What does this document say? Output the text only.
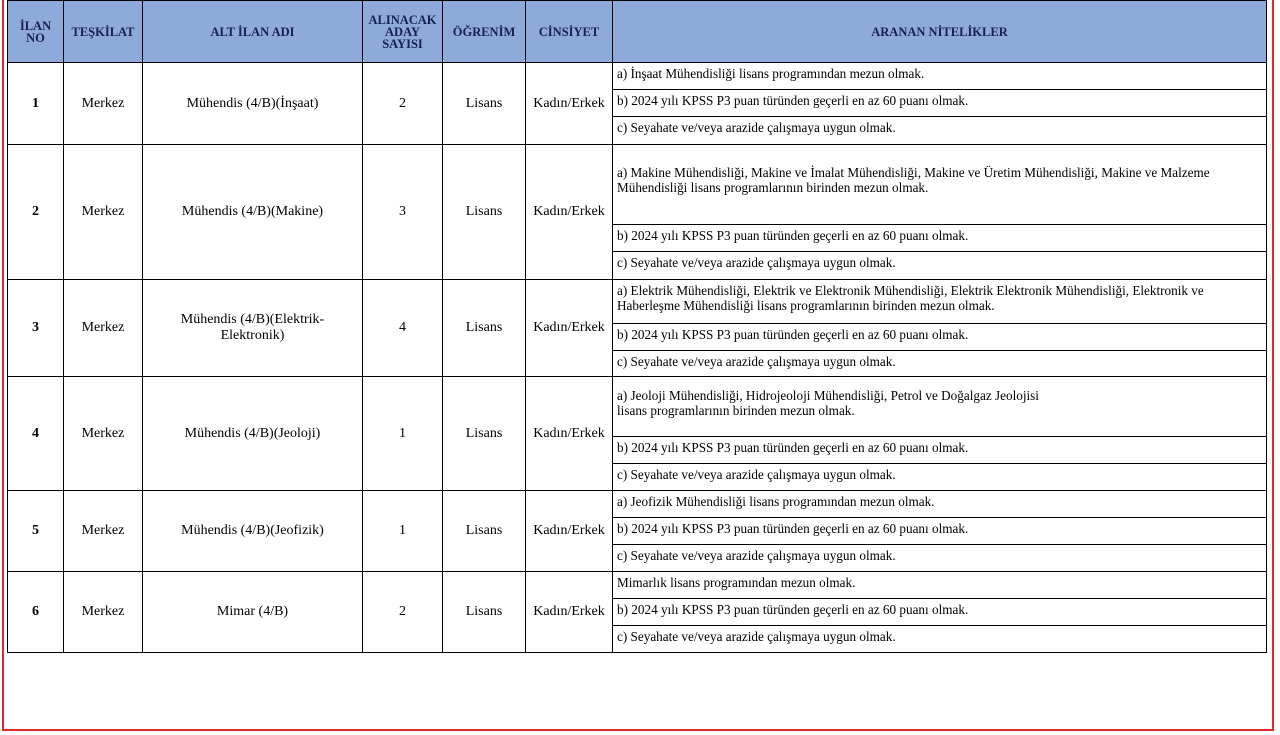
İLAN
NO	TEŞKİLAT	ALT İLAN ADI	ALINACAK
ADAY
SAYISI	ÖĞRENİM	CİNSİYET	ARANAN NİTELİKLER
1	Merkez	Mühendis (4/B)(İnşaat)	2	Lisans	Kadın/Erkek	a) İnşaat Mühendisliği lisans programından mezun olmak.
b) 2024 yılı KPSS P3 puan türünden geçerli en az 60 puanı olmak.
c) Seyahate ve/veya arazide çalışmaya uygun olmak.

2	Merkez	Mühendis (4/B)(Makine)	3	Lisans	Kadın/Erkek	a) Makine Mühendisliği, Makine ve İmalat Mühendisliği, Makine ve Üretim Mühendisliği, Makine ve Malzeme Mühendisliği lisans programlarının birinden mezun olmak.
b) 2024 yılı KPSS P3 puan türünden geçerli en az 60 puanı olmak.
c) Seyahate ve/veya arazide çalışmaya uygun olmak.

3	Merkez	Mühendis (4/B)(Elektrik-Elektronik)	4	Lisans	Kadın/Erkek	a) Elektrik Mühendisliği, Elektrik ve Elektronik Mühendisliği, Elektrik Elektronik Mühendisliği, Elektronik ve Haberleşme Mühendisliği lisans programlarının birinden mezun olmak.
b) 2024 yılı KPSS P3 puan türünden geçerli en az 60 puanı olmak.
c) Seyahate ve/veya arazide çalışmaya uygun olmak.

4	Merkez	Mühendis (4/B)(Jeoloji)	1	Lisans	Kadın/Erkek	a) Jeoloji Mühendisliği, Hidrojeoloji Mühendisliği, Petrol ve Doğalgaz Jeolojisi lisans programlarının birinden mezun olmak.
b) 2024 yılı KPSS P3 puan türünden geçerli en az 60 puanı olmak.
c) Seyahate ve/veya arazide çalışmaya uygun olmak.

5	Merkez	Mühendis (4/B)(Jeofizik)	1	Lisans	Kadın/Erkek	a) Jeofizik Mühendisliği lisans programından mezun olmak.
b) 2024 yılı KPSS P3 puan türünden geçerli en az 60 puanı olmak.
c) Seyahate ve/veya arazide çalışmaya uygun olmak.

6	Merkez	Mimar (4/B)	2	Lisans	Kadın/Erkek	Mimarlık lisans programından mezun olmak.
b) 2024 yılı KPSS P3 puan türünden geçerli en az 60 puanı olmak.
c) Seyahate ve/veya arazide çalışmaya uygun olmak.
